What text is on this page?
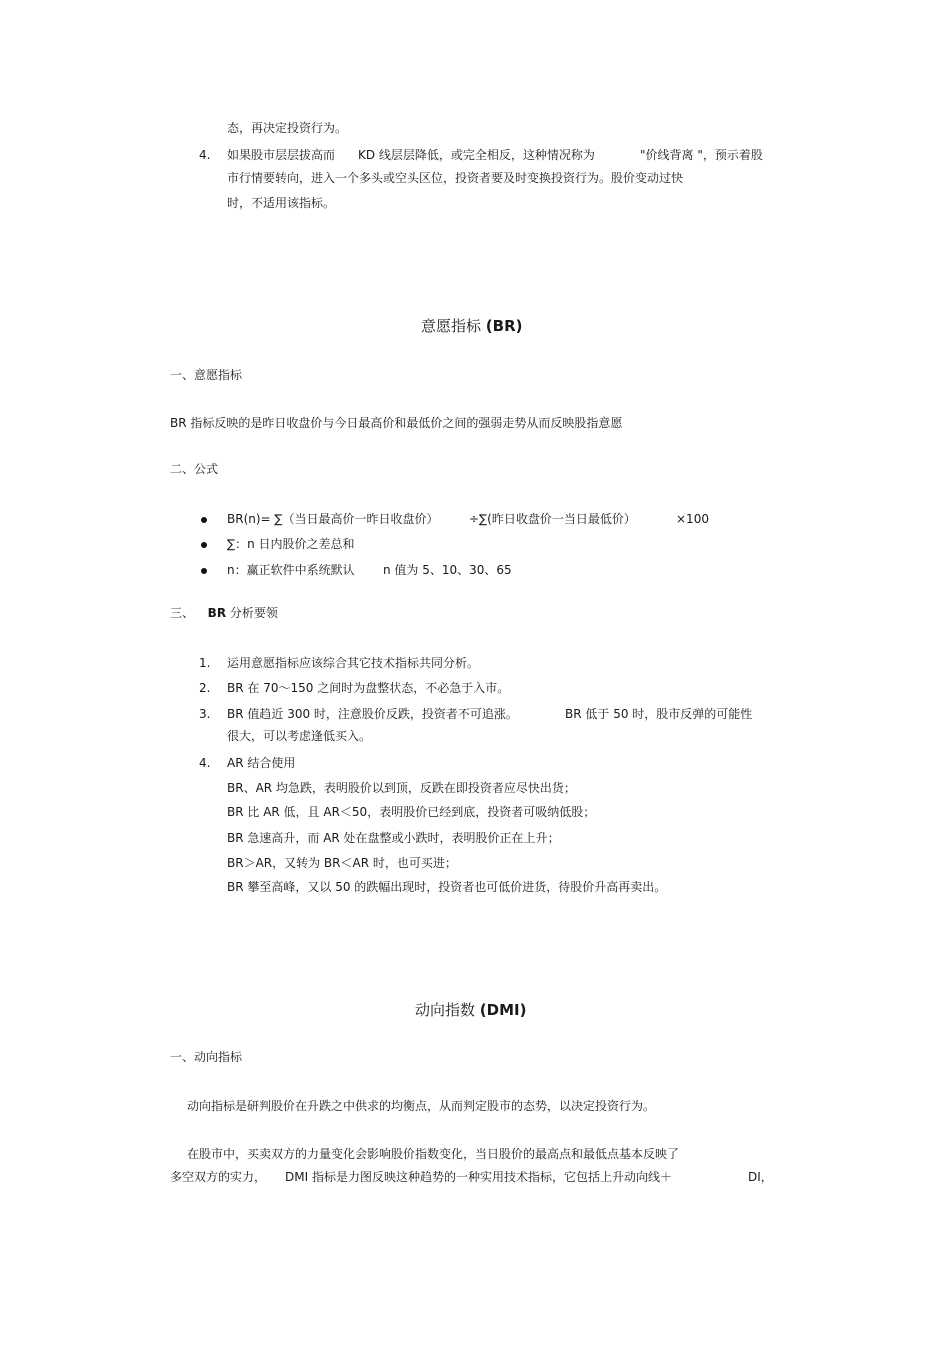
态，再决定投资行为。
4. 如果股市层层拔高而 KD 线层层降低，或完全相反，这种情况称为	"价线背离 "，预示着股
市行情要转向，进入一个多头或空头区位，投资者要及时变换投资行为。股价变动过快
时，不适用该指标。
意愿指标 (BR)
一、意愿指标
BR 指标反映的是昨日收盘价与今日最高价和最低价之间的强弱走势从而反映股指意愿
二、公式
BR(n)= ∑（当日最高价一昨日收盘价）	÷∑(昨日收盘价一当日最低价）	×100
∑：n 日内股价之差总和
n：赢正软件中系统默认 n 值为 5、10、30、65
三、 BR 分析要领
1. 运用意愿指标应该综合其它技术指标共同分析。
2. BR 在 70～150 之间时为盘整状态，不必急于入市。
3. BR 值趋近 300 时，注意股价反跌，投资者不可追涨。	BR 低于 50 时，股市反弹的可能性
很大，可以考虑逢低买入。
4. AR 结合使用
BR、AR 均急跌，表明股价以到顶，反跌在即投资者应尽快出货；
BR 比 AR 低，且 AR＜50，表明股价已经到底，投资者可吸纳低股；
BR 急速高升，而 AR 处在盘整或小跌时，表明股价正在上升；
BR＞AR，又转为 BR＜AR 时，也可买进；
BR 攀至高峰，又以 50 的跌幅出现时，投资者也可低价进货，待股价升高再卖出。
动向指数 (DMI)
一、动向指标
动向指标是研判股价在升跌之中供求的均衡点，从而判定股市的态势，以决定投资行为。
在股市中，买卖双方的力量变化会影响股价指数变化，当日股价的最高点和最低点基本反映了
多空双方的实力， DMI 指标是力图反映这种趋势的一种实用技术指标，它包括上升动向线＋	DI，
